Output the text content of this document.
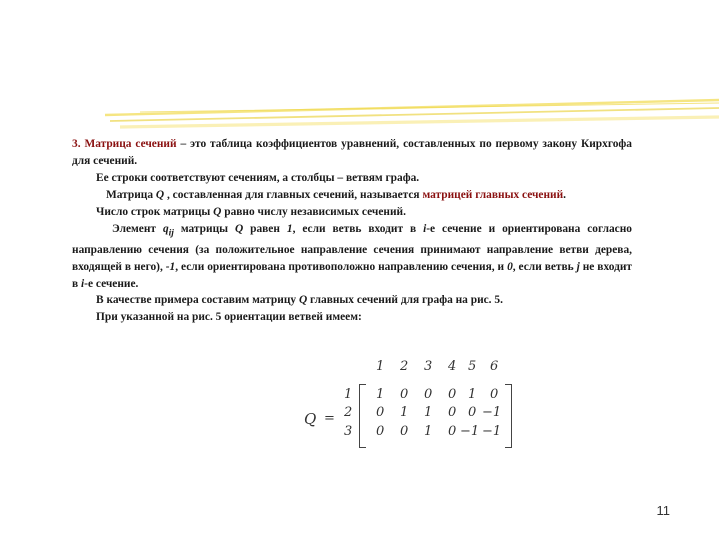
3. Матрица сечений – это таблица коэффициентов уравнений, составленных по первому закону Кирхгофа для сечений.

Ее строки соответствуют сечениям, а столбцы – ветвям графа.

Матрица Q , составленная для главных сечений, называется матрицей главных сечений.

Число строк матрицы Q равно числу независимых сечений.

Элемент $q_{ij}$ матрицы Q равен 1, если ветвь входит в i-е сечение и ориентирована согласно направлению сечения (за положительное направление сечения принимают направление ветви дерева, входящей в него), -1, если ориентирована противоположно направлению сечения, и 0, если ветвь j не входит в i-е сечение.

В качестве примера составим матрицу Q главных сечений для графа на рис. 5.

При указанной на рис. 5 ориентации ветвей имеем:

Q =
1 2 3 4 5 6
1
2
3
1 0 0 0 1 0
0 1 1 0 0 −1
0 0 1 0 −1 −1
11
